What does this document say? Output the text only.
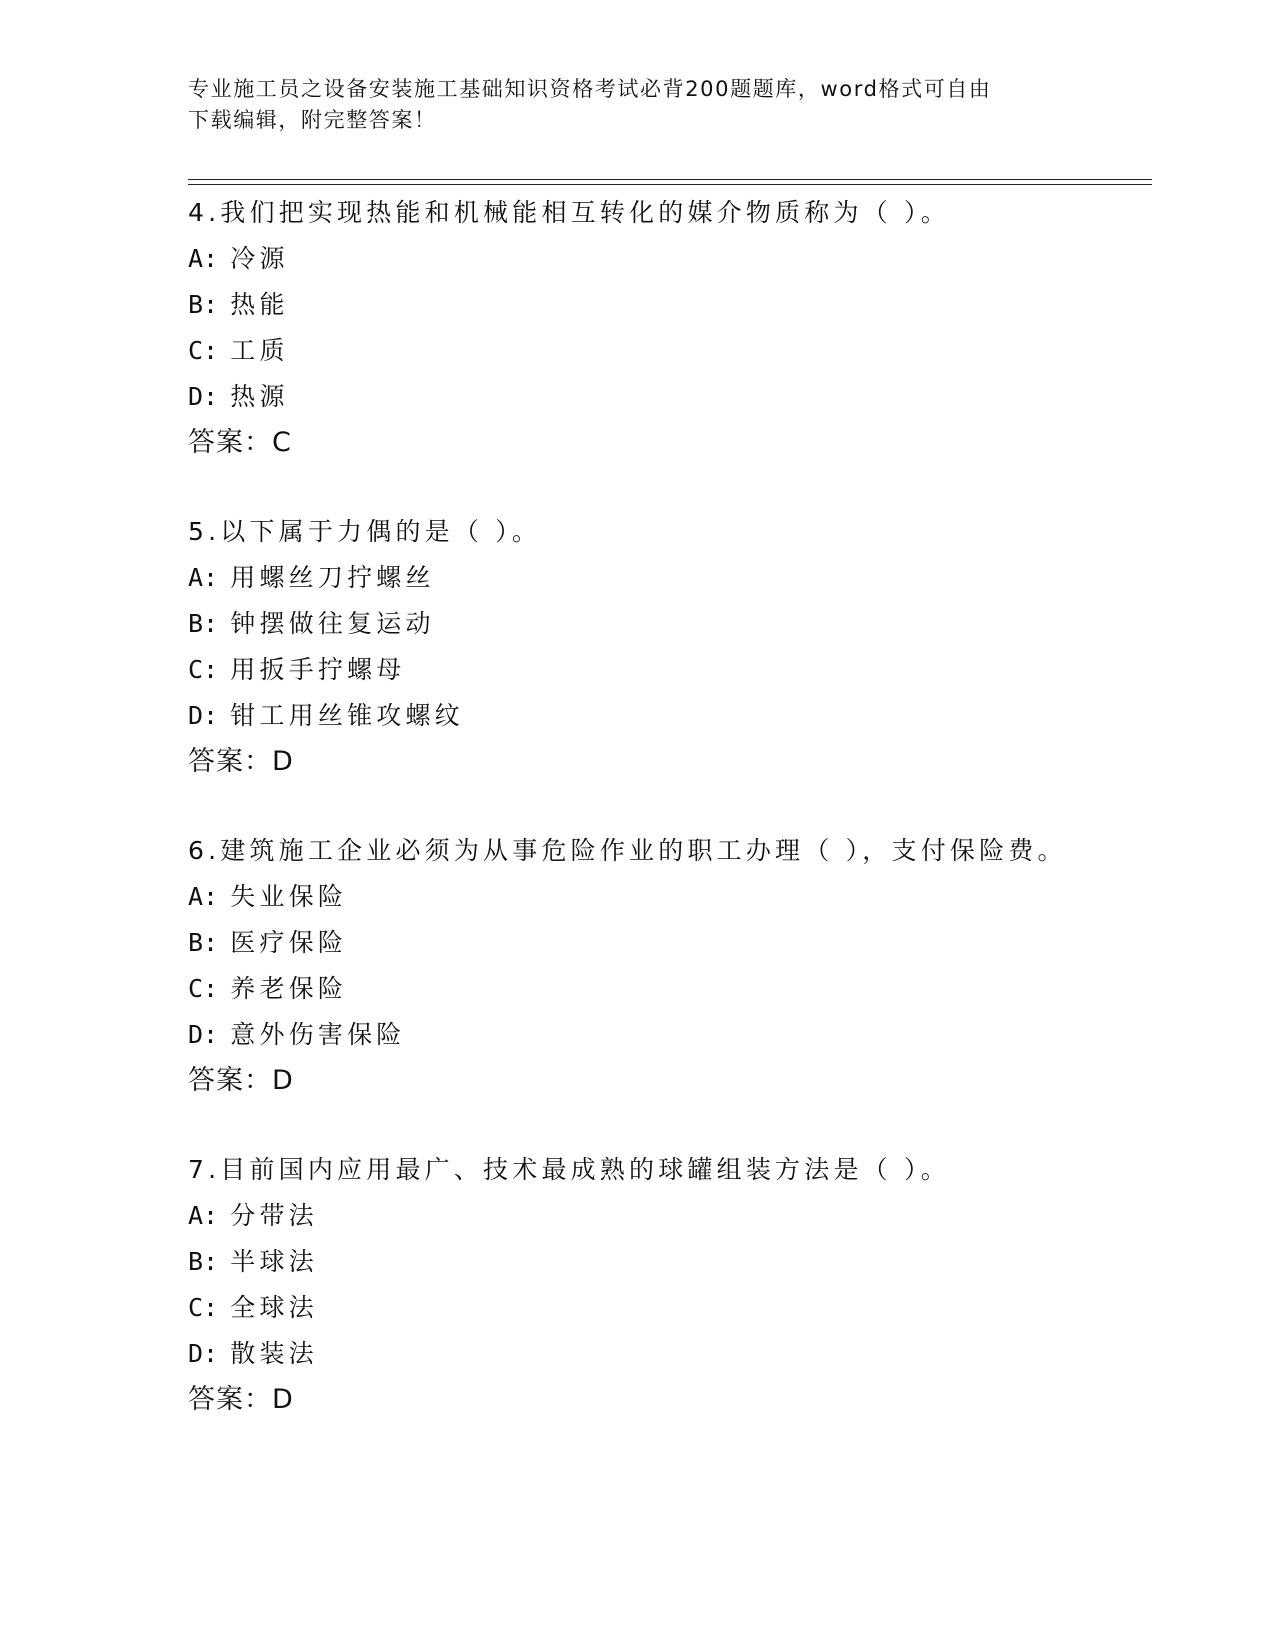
专业施工员之设备安装施工基础知识资格考试必背200题题库，word格式可自由
下载编辑，附完整答案！
4.我们把实现热能和机械能相互转化的媒介物质称为（ ）。
A: 冷源
B: 热能
C: 工质
D: 热源
答案：C
5.以下属于力偶的是（ ）。
A: 用螺丝刀拧螺丝
B: 钟摆做往复运动
C: 用扳手拧螺母
D: 钳工用丝锥攻螺纹
答案：D
6.建筑施工企业必须为从事危险作业的职工办理（ ），支付保险费。
A: 失业保险
B: 医疗保险
C: 养老保险
D: 意外伤害保险
答案：D
7.目前国内应用最广、技术最成熟的球罐组装方法是（ ）。
A: 分带法
B: 半球法
C: 全球法
D: 散装法
答案：D
